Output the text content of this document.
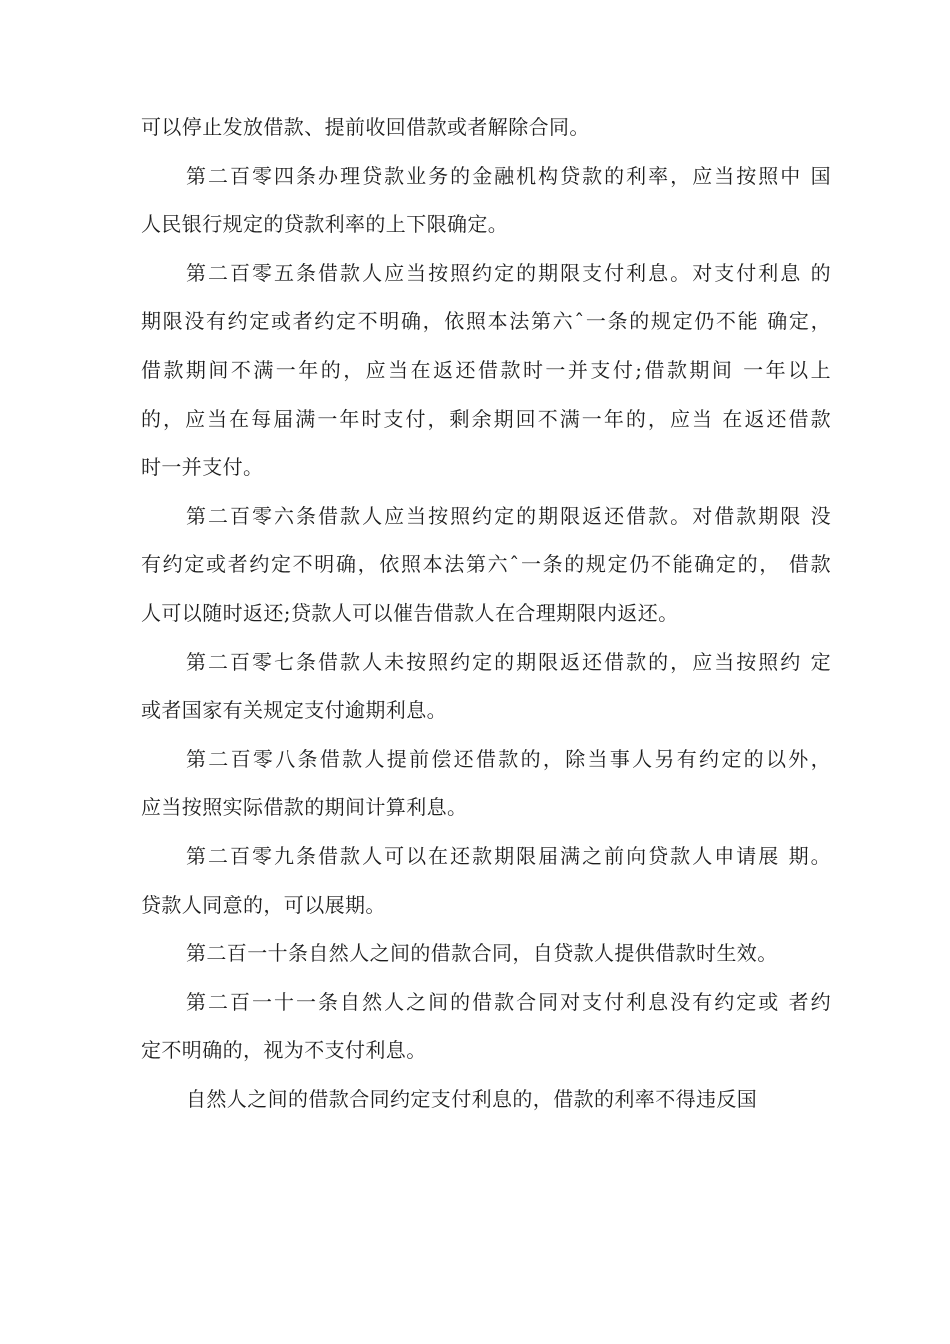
可以停止发放借款、提前收回借款或者解除合同。
第二百零四条办理贷款业务的金融机构贷款的利率，应当按照中 国
人民银行规定的贷款利率的上下限确定。
第二百零五条借款人应当按照约定的期限支付利息。对支付利息 的
期限没有约定或者约定不明确，依照本法第六ˆ一条的规定仍不能 确定，
借款期间不满一年的，应当在返还借款时一并支付;借款期间 一年以上
的，应当在每届满一年时支付，剩余期回不满一年的，应当 在返还借款
时一并支付。
第二百零六条借款人应当按照约定的期限返还借款。对借款期限 没
有约定或者约定不明确，依照本法第六ˆ一条的规定仍不能确定的， 借款
人可以随时返还;贷款人可以催告借款人在合理期限内返还。
第二百零七条借款人未按照约定的期限返还借款的，应当按照约 定
或者国家有关规定支付逾期利息。
第二百零八条借款人提前偿还借款的，除当事人另有约定的以外，
应当按照实际借款的期间计算利息。
第二百零九条借款人可以在还款期限届满之前向贷款人申请展 期。
贷款人同意的，可以展期。
第二百一十条自然人之间的借款合同，自贷款人提供借款时生效。
第二百一十一条自然人之间的借款合同对支付利息没有约定或 者约
定不明确的，视为不支付利息。
自然人之间的借款合同约定支付利息的，借款的利率不得违反国
